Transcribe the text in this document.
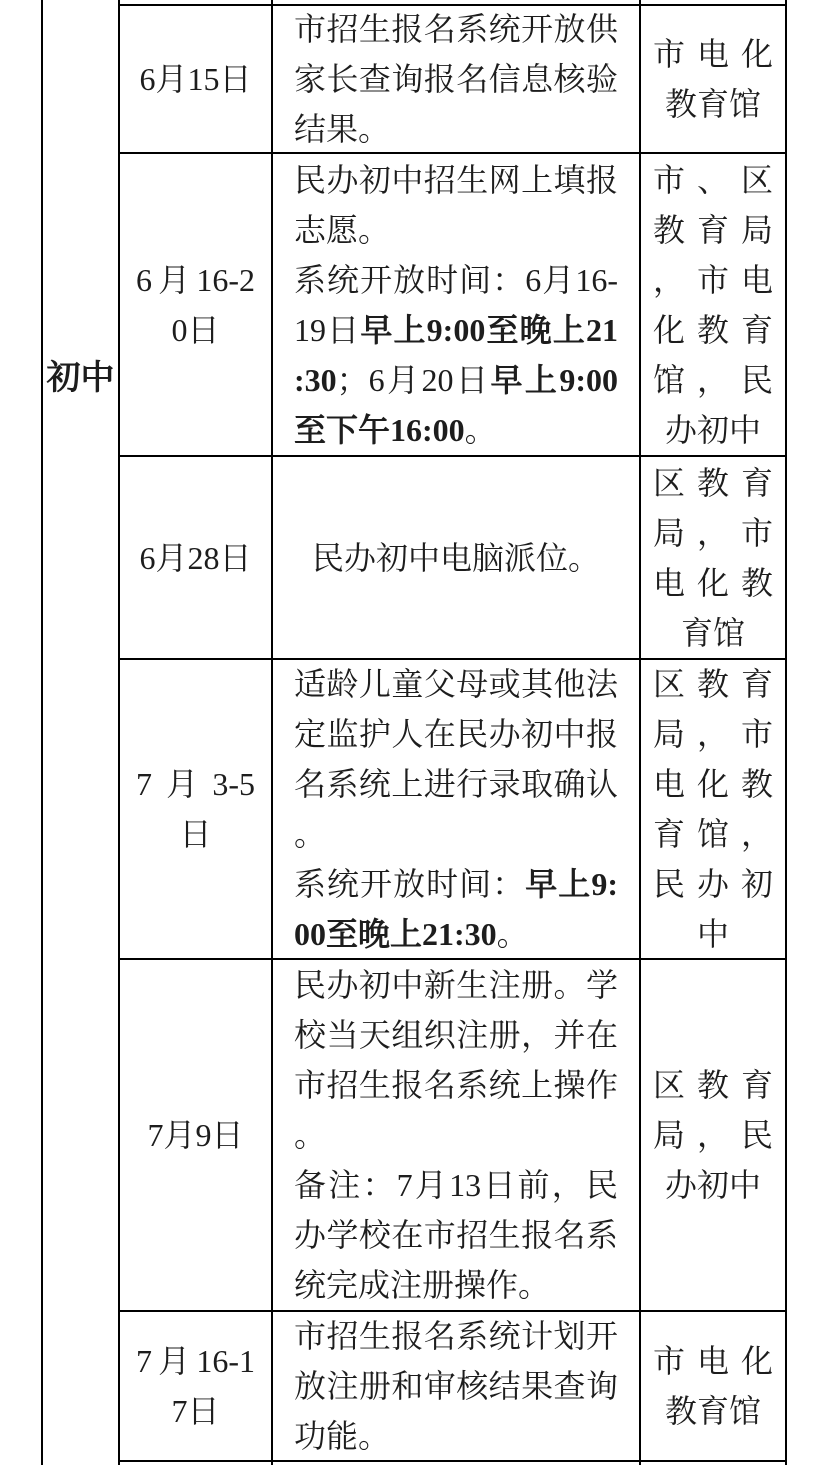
初中
6月15日
市招生报名系统开放供家长查询报名信息核验结果。
市电化教育馆
6月16-20日
民办初中招生网上填报志愿。
系统开放时间：6月16-19日早上9:00至晚上21:30；6月20日早上9:00至下午16:00。
市、区教育局，市电化教育馆，民办初中
6月28日	民办初中电脑派位。
区教育局，市电化教育馆
7月3-5日
适龄儿童父母或其他法定监护人在民办初中报名系统上进行录取确认。
系统开放时间：早上9:00至晚上21:30。
区教育局，市电化教育馆，民办初中
7月9日
民办初中新生注册。学校当天组织注册，并在市招生报名系统上操作。
备注：7月13日前，民办学校在市招生报名系统完成注册操作。
区教育局，民办初中
7月16-17日
市招生报名系统计划开放注册和审核结果查询功能。
市电化教育馆
